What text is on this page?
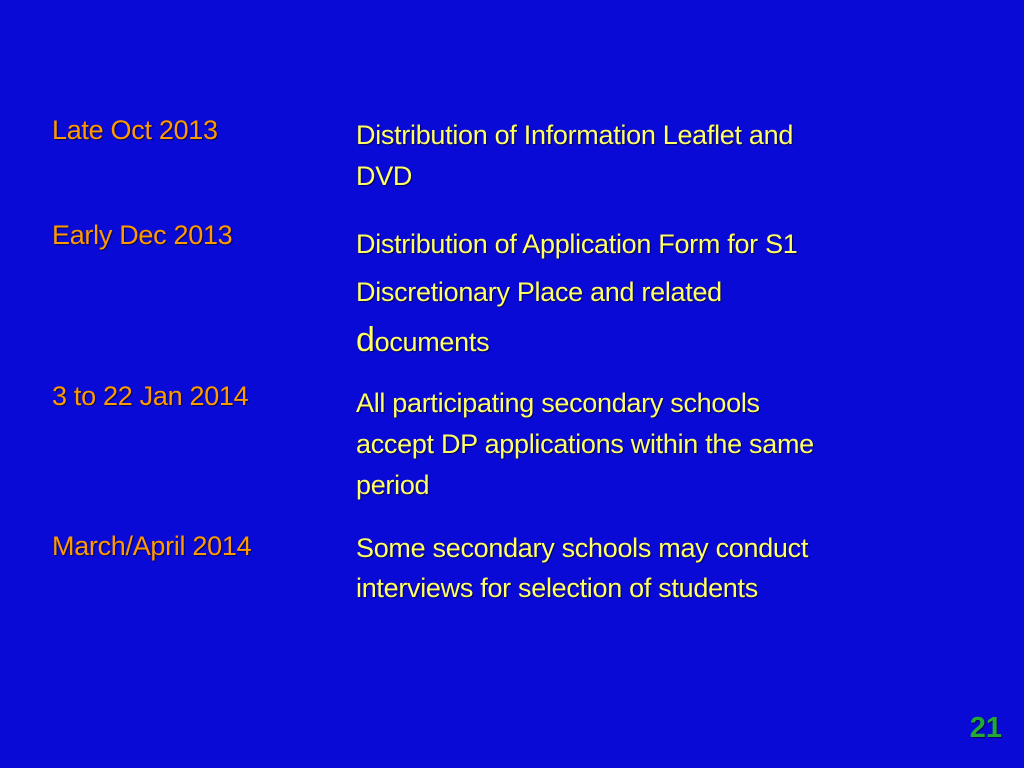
Late Oct 2013	Distribution of Information Leaflet and
DVD
Early Dec 2013	Distribution of Application Form for S1
Discretionary Place and related
documents
3 to 22 Jan 2014	All participating secondary schools
accept DP applications within the same
period
March/April 2014	Some secondary schools may conduct
interviews for selection of students
21
